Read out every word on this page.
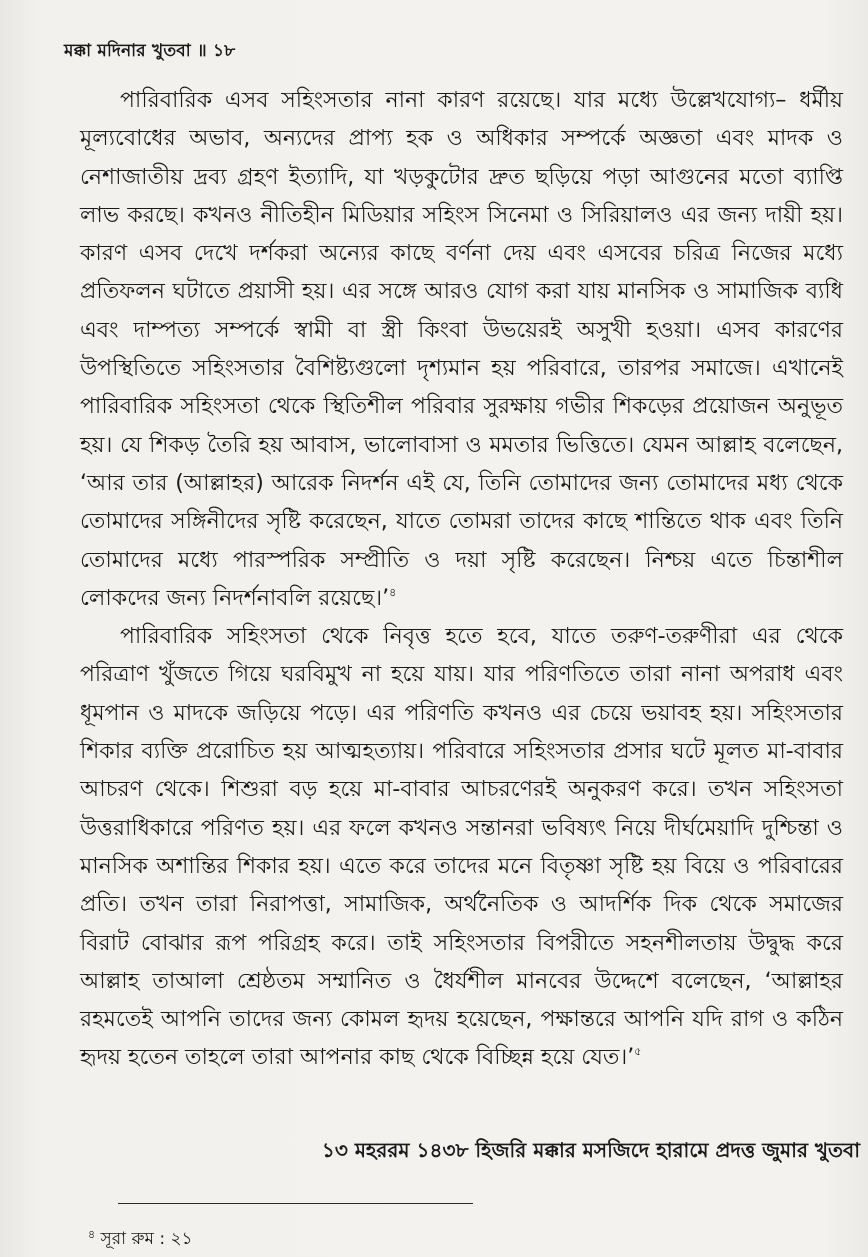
মক্কা মদিনার খুতবা ॥ ১৮

পারিবারিক এসব সহিংসতার নানা কারণ রয়েছে। যার মধ্যে উল্লেখযোগ্য– ধর্মীয় মূল্যবোধের অভাব, অন্যদের প্রাপ্য হক ও অধিকার সম্পর্কে অজ্ঞতা এবং মাদক ও নেশাজাতীয় দ্রব্য গ্রহণ ইত্যাদি, যা খড়কুটোর দ্রুত ছড়িয়ে পড়া আগুনের মতো ব্যাপ্তি লাভ করছে। কখনও নীতিহীন মিডিয়ার সহিংস সিনেমা ও সিরিয়ালও এর জন্য দায়ী হয়। কারণ এসব দেখে দর্শকরা অন্যের কাছে বর্ণনা দেয় এবং এসবের চরিত্র নিজের মধ্যে প্রতিফলন ঘটাতে প্রয়াসী হয়। এর সঙ্গে আরও যোগ করা যায় মানসিক ও সামাজিক ব্যধি এবং দাম্পত্য সম্পর্কে স্বামী বা স্ত্রী কিংবা উভয়েরই অসুখী হওয়া। এসব কারণের উপস্থিতিতে সহিংসতার বৈশিষ্ট্যগুলো দৃশ্যমান হয় পরিবারে, তারপর সমাজে। এখানেই পারিবারিক সহিংসতা থেকে স্থিতিশীল পরিবার সুরক্ষায় গভীর শিকড়ের প্রয়োজন অনুভূত হয়। যে শিকড় তৈরি হয় আবাস, ভালোবাসা ও মমতার ভিত্তিতে। যেমন আল্লাহ বলেছেন, ‘আর তার (আল্লাহর) আরেক নিদর্শন এই যে, তিনি তোমাদের জন্য তোমাদের মধ্য থেকে তোমাদের সঙ্গিনীদের সৃষ্টি করেছেন, যাতে তোমরা তাদের কাছে শান্তিতে থাক এবং তিনি তোমাদের মধ্যে পারস্পরিক সম্প্রীতি ও দয়া সৃষ্টি করেছেন। নিশ্চয় এতে চিন্তাশীল লোকদের জন্য নিদর্শনাবলি রয়েছে।’$^৪$

পারিবারিক সহিংসতা থেকে নিবৃত্ত হতে হবে, যাতে তরুণ-তরুণীরা এর থেকে পরিত্রাণ খুঁজতে গিয়ে ঘরবিমুখ না হয়ে যায়। যার পরিণতিতে তারা নানা অপরাধ এবং ধূমপান ও মাদকে জড়িয়ে পড়ে। এর পরিণতি কখনও এর চেয়ে ভয়াবহ হয়। সহিংসতার শিকার ব্যক্তি প্ররোচিত হয় আত্মহত্যায়। পরিবারে সহিংসতার প্রসার ঘটে মূলত মা-বাবার আচরণ থেকে। শিশুরা বড় হয়ে মা-বাবার আচরণেরই অনুকরণ করে। তখন সহিংসতা উত্তরাধিকারে পরিণত হয়। এর ফলে কখনও সন্তানরা ভবিষ্যৎ নিয়ে দীর্ঘমেয়াদি দুশ্চিন্তা ও মানসিক অশান্তির শিকার হয়। এতে করে তাদের মনে বিতৃষ্ণা সৃষ্টি হয় বিয়ে ও পরিবারের প্রতি। তখন তারা নিরাপত্তা, সামাজিক, অর্থনৈতিক ও আদর্শিক দিক থেকে সমাজের বিরাট বোঝার রূপ পরিগ্রহ করে। তাই সহিংসতার বিপরীতে সহনশীলতায় উদ্বুদ্ধ করে আল্লাহ তাআলা শ্রেষ্ঠতম সম্মানিত ও ধৈর্যশীল মানবের উদ্দেশে বলেছেন, ‘আল্লাহর রহমতেই আপনি তাদের জন্য কোমল হৃদয় হয়েছেন, পক্ষান্তরে আপনি যদি রাগ ও কঠিন হৃদয় হতেন তাহলে তারা আপনার কাছ থেকে বিচ্ছিন্ন হয়ে যেত।’$^৫$

১৩ মহররম ১৪৩৮ হিজরি মক্কার মসজিদে হারামে প্রদত্ত জুমার খুতবা
$^৪$ সূরা রুম : ২১
